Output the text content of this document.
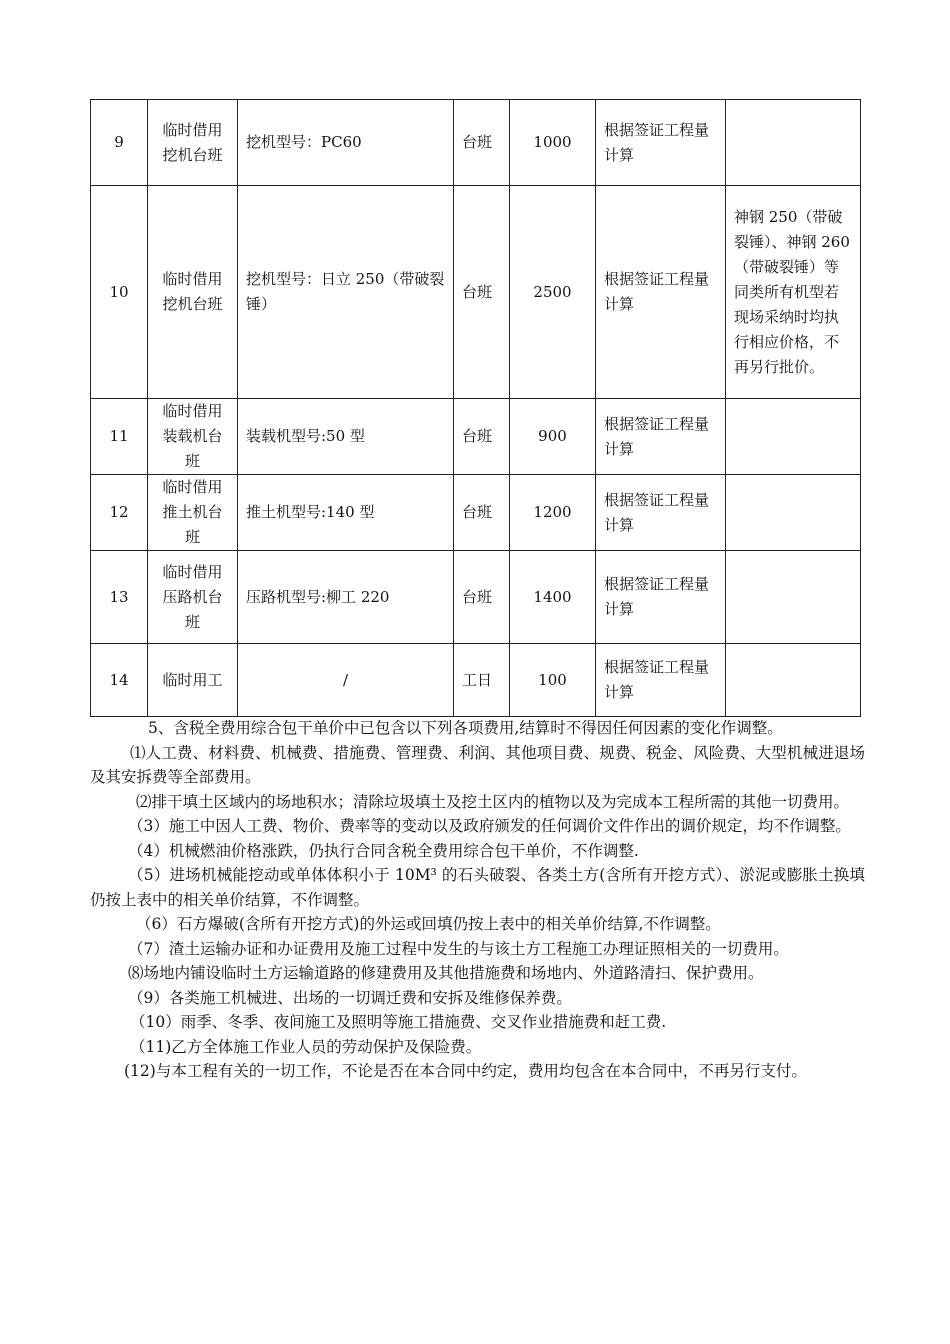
9	临时借用挖机台班	挖机型号：PC60	台班	1000	根据签证工程量计算	
10	临时借用挖机台班	挖机型号：日立 250（带破裂锤）	台班	2500	根据签证工程量计算	神钢 250（带破裂锤）、神钢 260（带破裂锤）等同类所有机型若现场采纳时均执行相应价格，不再另行批价。
11	临时借用装载机台班	装载机型号:50 型	台班	900	根据签证工程量计算	
12	临时借用推土机台班	推土机型号:140 型	台班	1200	根据签证工程量计算	
13	临时借用压路机台班	压路机型号:柳工 220	台班	1400	根据签证工程量计算	
14	临时用工	/	工日	100	根据签证工程量计算	

5、含税全费用综合包干单价中已包含以下列各项费用,结算时不得因任何因素的变化作调整。

⑴人工费、材料费、机械费、措施费、管理费、利润、其他项目费、规费、税金、风险费、大型机械进退场及其安拆费等全部费用。

⑵排干填土区域内的场地积水；清除垃圾填土及挖土区内的植物以及为完成本工程所需的其他一切费用。

（3）施工中因人工费、物价、费率等的变动以及政府颁发的任何调价文件作出的调价规定，均不作调整。

（4）机械燃油价格涨跌，仍执行合同含税全费用综合包干单价，不作调整.

（5）进场机械能挖动或单体体积小于 10M³ 的石头破裂、各类土方(含所有开挖方式）、淤泥或膨胀土换填仍按上表中的相关单价结算，不作调整。

（6）石方爆破(含所有开挖方式)的外运或回填仍按上表中的相关单价结算,不作调整。

（7）渣土运输办证和办证费用及施工过程中发生的与该土方工程施工办理证照相关的一切费用。

⑻场地内铺设临时土方运输道路的修建费用及其他措施费和场地内、外道路清扫、保护费用。

（9）各类施工机械进、出场的一切调迁费和安拆及维修保养费。

（10）雨季、冬季、夜间施工及照明等施工措施费、交叉作业措施费和赶工费.

（11)乙方全体施工作业人员的劳动保护及保险费。

(12)与本工程有关的一切工作，不论是否在本合同中约定，费用均包含在本合同中，不再另行支付。
